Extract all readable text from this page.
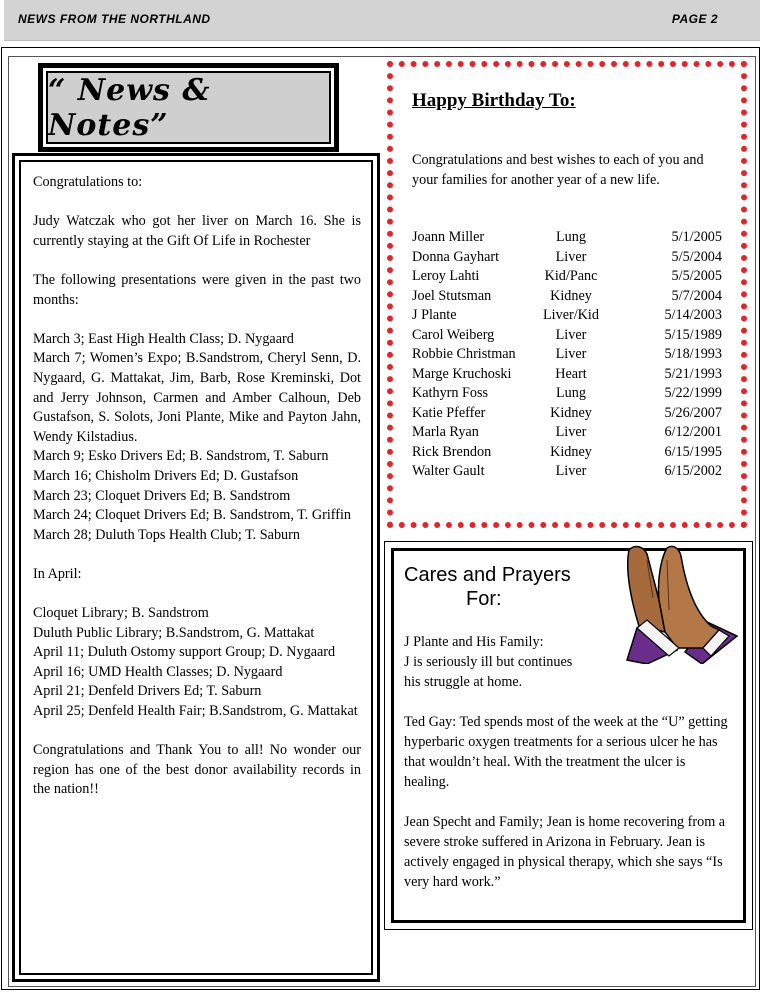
NEWS FROM THE NORTHLAND	PAGE 2
“ News & Notes”

Congratulations to:

Judy Watczak who got her liver on March 16. She is currently staying at the Gift Of Life in Rochester

The following presentations were given in the past two months:

March 3; East High Health Class; D. Nygaard

March 7; Women’s Expo; B.Sandstrom, Cheryl Senn, D. Nygaard, G. Mattakat, Jim, Barb, Rose Kreminski, Dot and Jerry Johnson, Carmen and Amber Calhoun, Deb Gustafson, S. Solots, Joni Plante, Mike and Payton Jahn, Wendy Kilstadius.

March 9; Esko Drivers Ed; B. Sandstrom, T. Saburn

March 16; Chisholm Drivers Ed; D. Gustafson

March 23; Cloquet Drivers Ed; B. Sandstrom

March 24; Cloquet Drivers Ed; B. Sandstrom, T. Griffin

March 28; Duluth Tops Health Club; T. Saburn

In April:

Cloquet Library; B. Sandstrom

Duluth Public Library; B.Sandstrom, G. Mattakat

April 11; Duluth Ostomy support Group; D. Nygaard

April 16; UMD Health Classes; D. Nygaard

April 21; Denfeld Drivers Ed; T. Saburn

April 25; Denfeld Health Fair; B.Sandstrom, G. Mattakat

Congratulations and Thank You to all! No wonder our region has one of the best donor availability records in the nation!!

Happy Birthday To:
Congratulations and best wishes to each of you and your families for another year of a new life.
Joann Miller	Lung	5/1/2005
Donna Gayhart	Liver	5/5/2004
Leroy Lahti	Kid/Panc	5/5/2005
Joel Stutsman	Kidney	5/7/2004
J Plante	Liver/Kid	5/14/2003
Carol Weiberg	Liver	5/15/1989
Robbie Christman	Liver	5/18/1993
Marge Kruchoski	Heart	5/21/1993
Kathyrn Foss	Lung	5/22/1999
Katie Pfeffer	Kidney	5/26/2007
Marla Ryan	Liver	6/12/2001
Rick Brendon	Kidney	6/15/1995
Walter Gault	Liver	6/15/2002
Cares and Prayers
For:

J Plante and His Family:

J is seriously ill but continues

his struggle at home.

Ted Gay: Ted spends most of the week at the “U” getting hyperbaric oxygen treatments for a serious ulcer he has that wouldn’t heal. With the treatment the ulcer is healing.

Jean Specht and Family; Jean is home recovering from a severe stroke suffered in Arizona in February. Jean is actively engaged in physical therapy, which she says “Is very hard work.”
